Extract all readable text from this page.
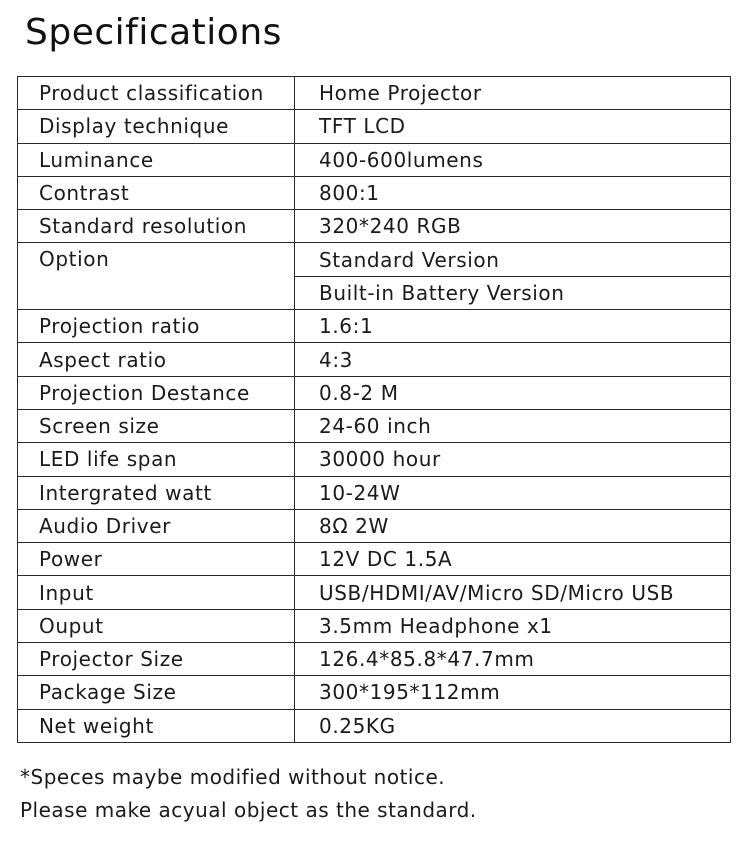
Specifications
Product classification	Home Projector
Display technique	TFT LCD
Luminance	400-600lumens
Contrast	800:1
Standard resolution	320*240 RGB
Option	Standard Version
	Built-in Battery Version
Projection ratio	1.6:1
Aspect ratio	4:3
Projection Destance	0.8-2 M
Screen size	24-60 inch
LED life span	30000 hour
Intergrated watt	10-24W
Audio Driver	8Ω 2W
Power	12V DC 1.5A
Input	USB/HDMI/AV/Micro SD/Micro USB
Ouput	3.5mm Headphone x1
Projector Size	126.4*85.8*47.7mm
Package Size	300*195*112mm
Net weight	0.25KG
*Speces maybe modified without notice.
Please make acyual object as the standard.
